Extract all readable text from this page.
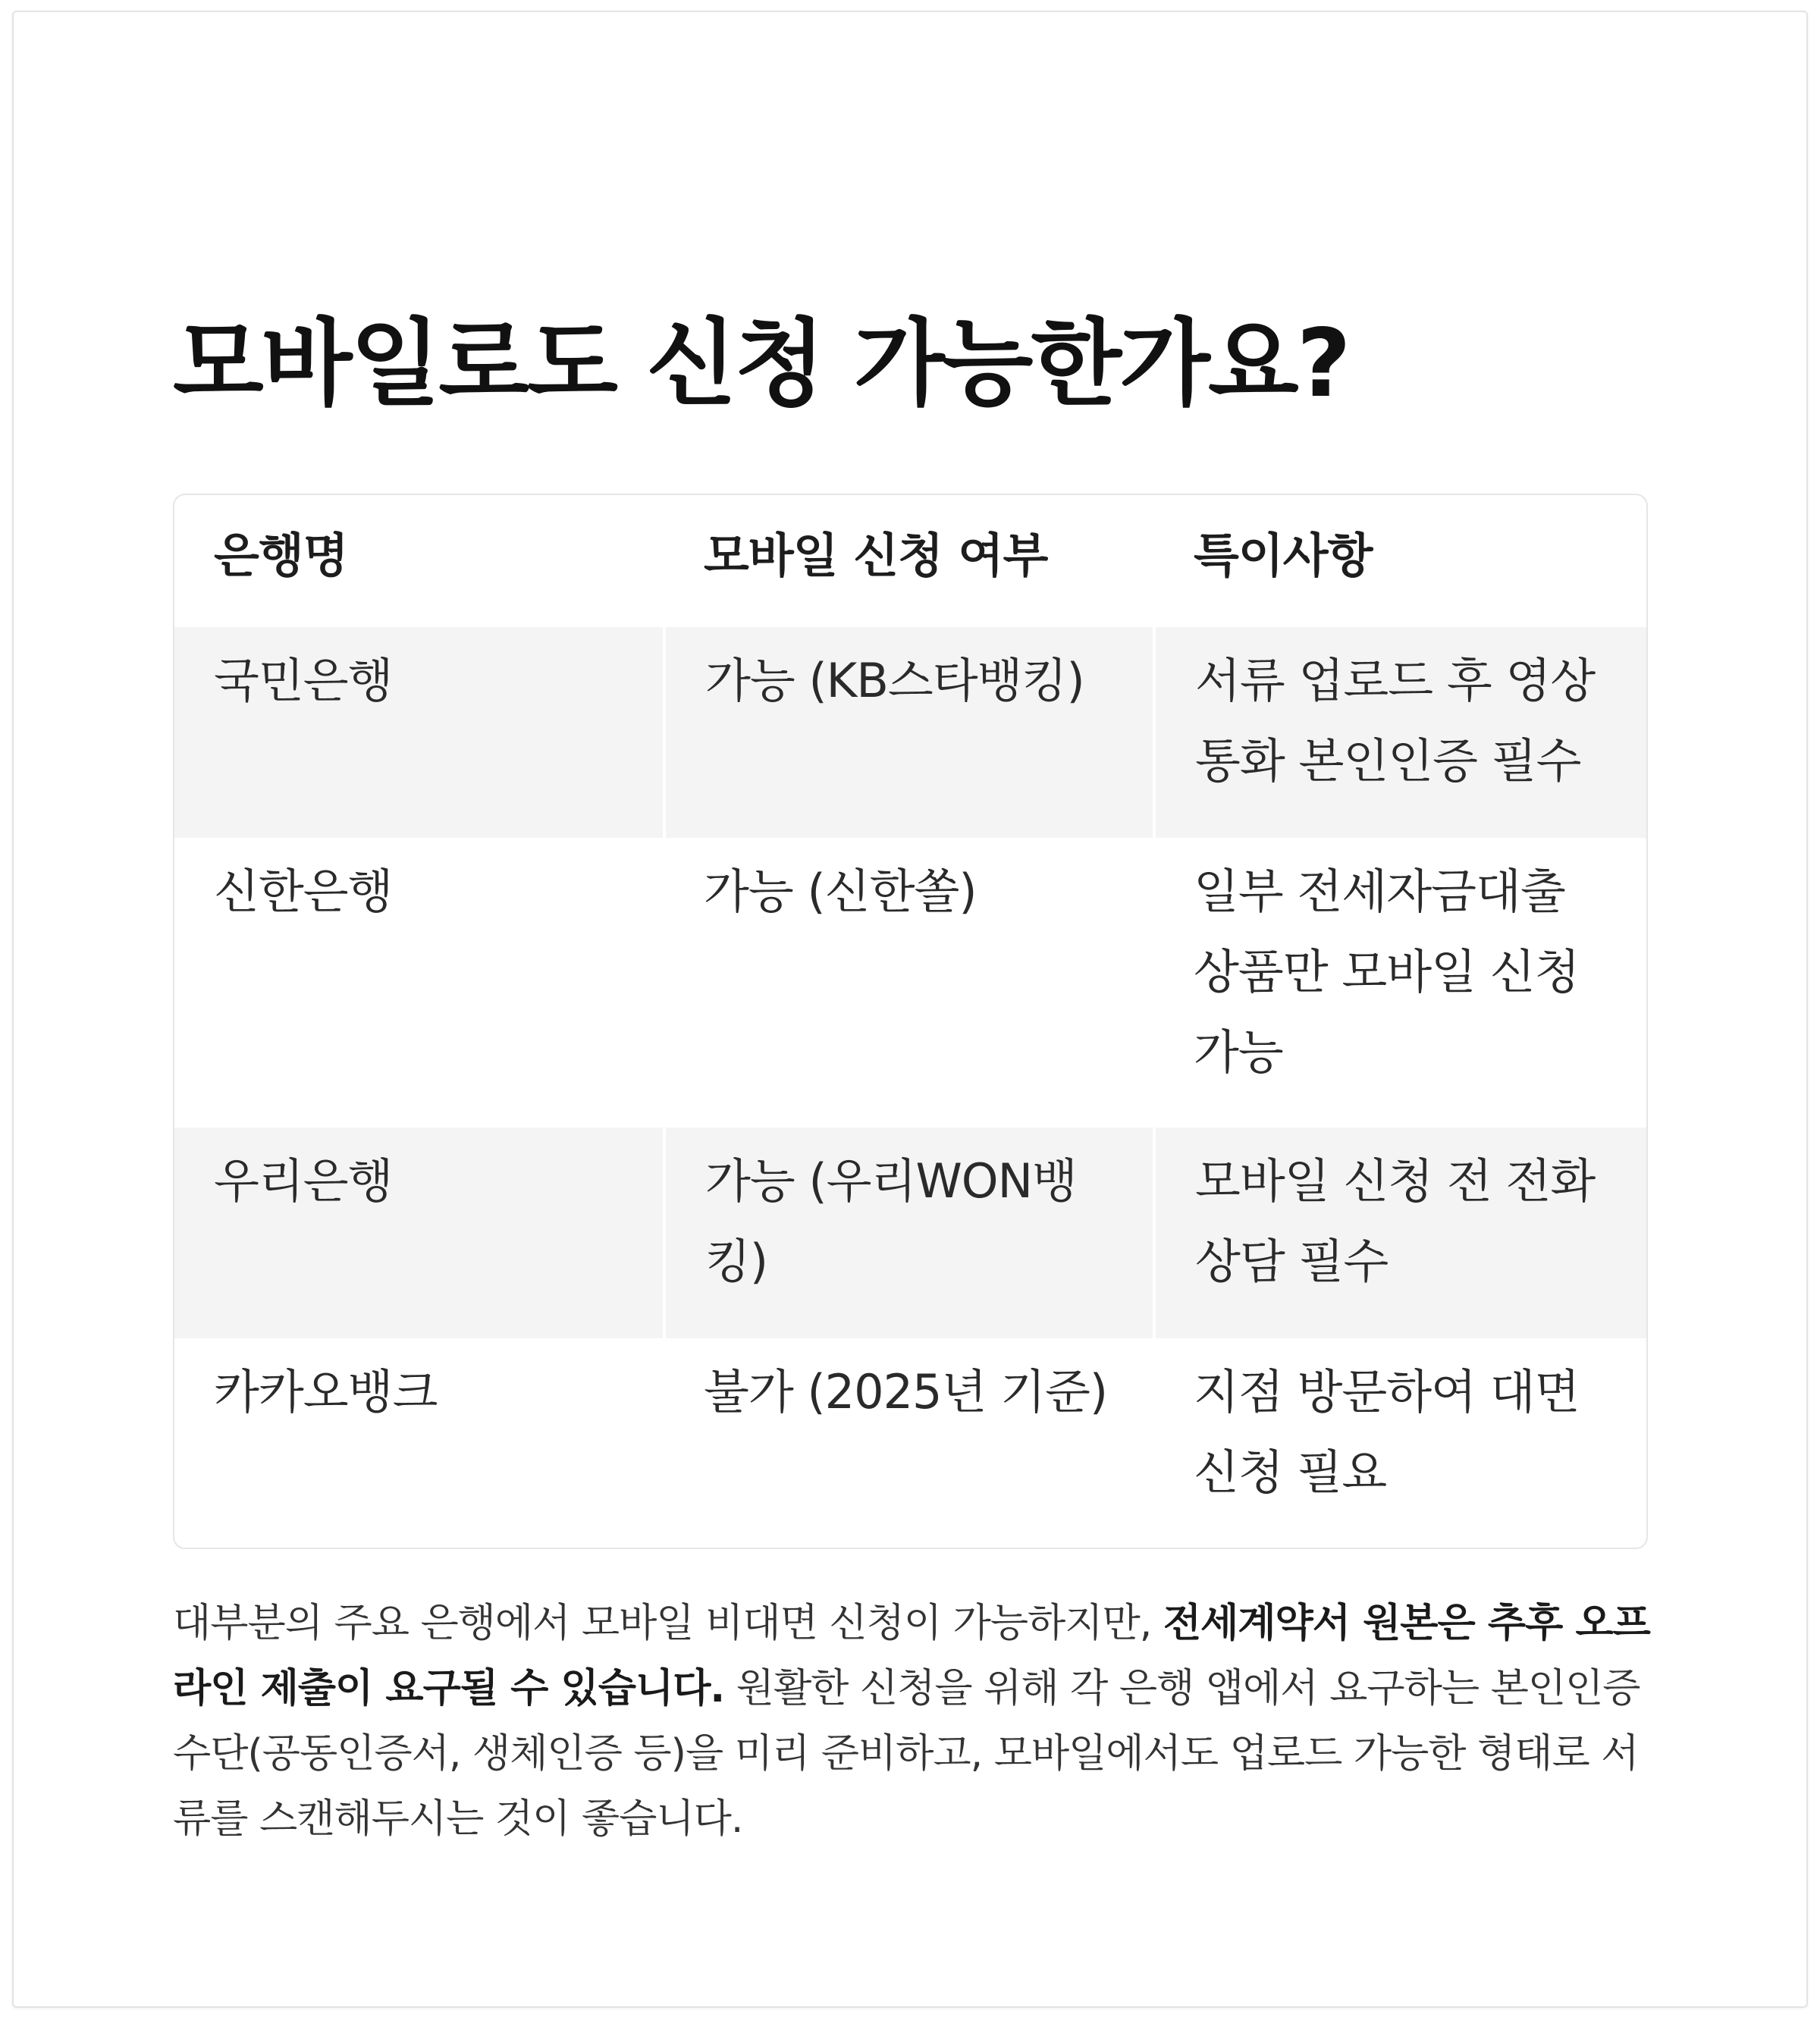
모바일로도 신청 가능한가요?
은행명	모바일 신청 여부	특이사항
국민은행	가능 (KB스타뱅킹)	서류 업로드 후 영상 통화 본인인증 필수
신한은행	가능 (신한쏠)	일부 전세자금대출 상품만 모바일 신청 가능
우리은행	가능 (우리WON뱅킹)	모바일 신청 전 전화 상담 필수
카카오뱅크	불가 (2025년 기준)	지점 방문하여 대면 신청 필요

대부분의 주요 은행에서 모바일 비대면 신청이 가능하지만, 전세계약서 원본은 추후 오프라인 제출이 요구될 수 있습니다. 원활한 신청을 위해 각 은행 앱에서 요구하는 본인인증 수단(공동인증서, 생체인증 등)을 미리 준비하고, 모바일에서도 업로드 가능한 형태로 서류를 스캔해두시는 것이 좋습니다.
